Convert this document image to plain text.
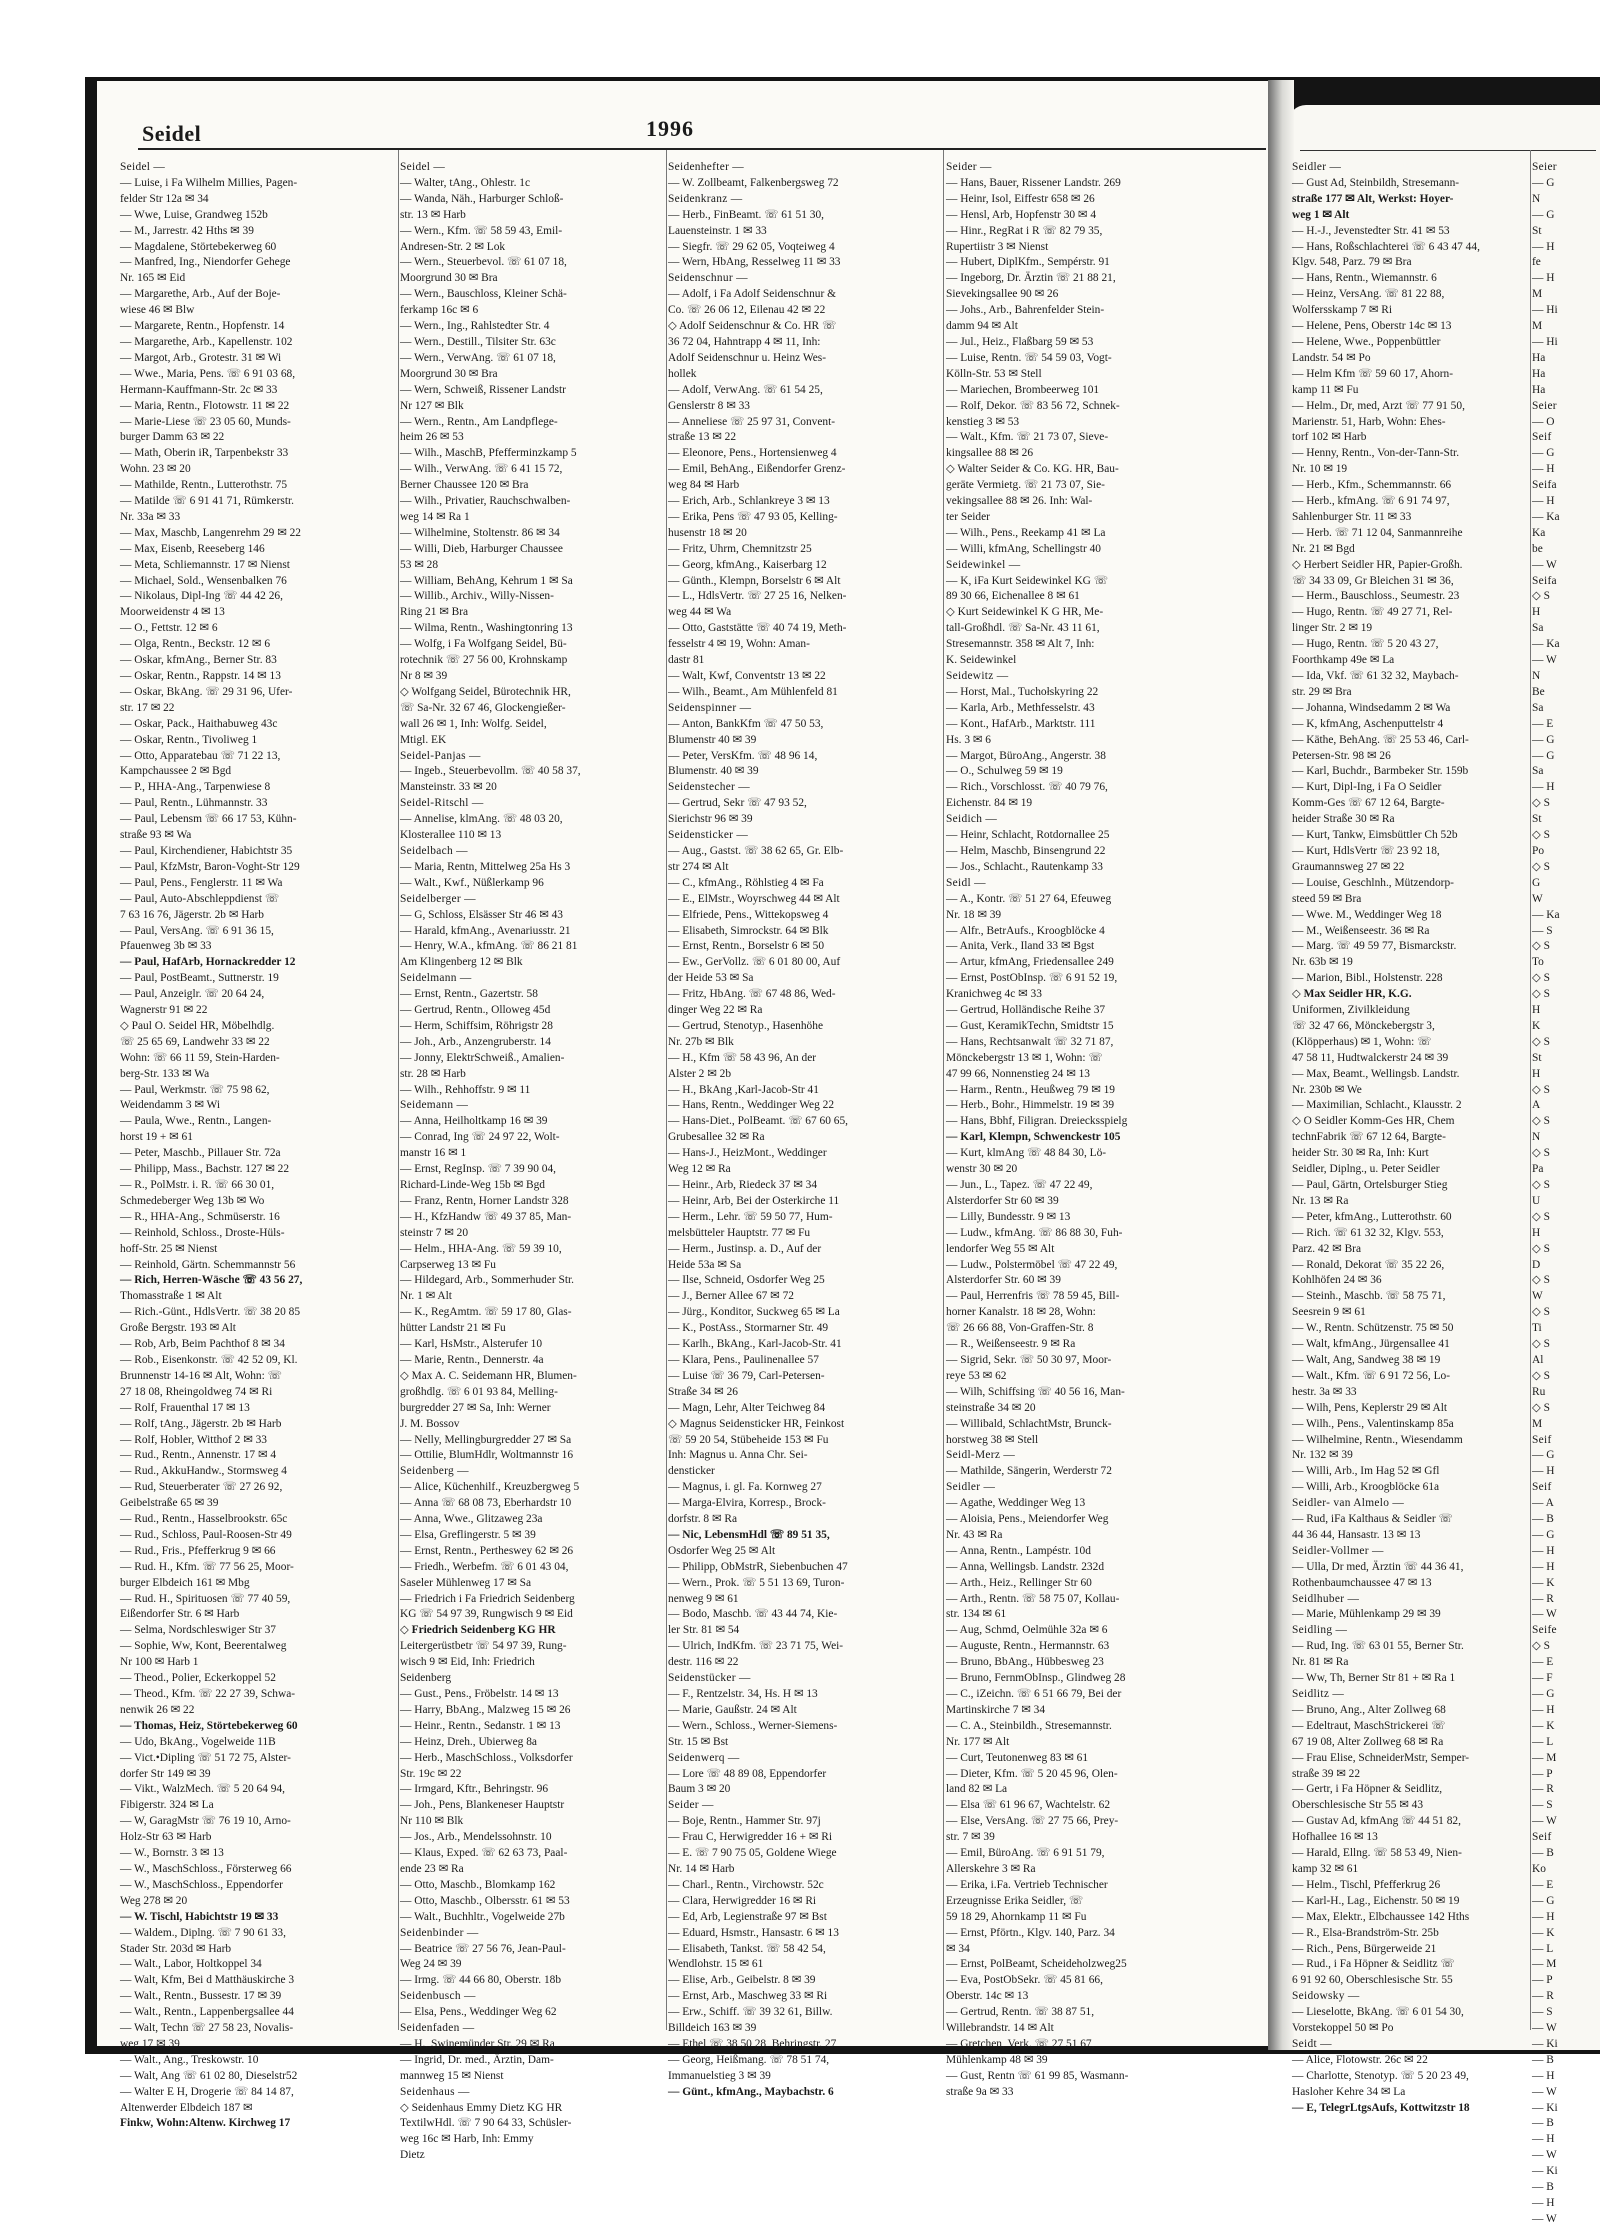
Seidel	1996

Seidel —

— Luise, i Fa Wilhelm Millies, Pagen-

felder Str 12a ✉ 34

— Wwe, Luise, Grandweg 152b

— M., Jarrestr. 42 Hths ✉ 39

— Magdalene, Störtebekerweg 60

— Manfred, Ing., Niendorfer Gehege

Nr. 165 ✉ Eid

— Margarethe, Arb., Auf der Boje-

wiese 46 ✉ Blw

— Margarete, Rentn., Hopfenstr. 14

— Margarethe, Arb., Kapellenstr. 102

— Margot, Arb., Grotestr. 31 ✉ Wi

— Wwe., Maria, Pens. ☏ 6 91 03 68,

Hermann-Kauffmann-Str. 2c ✉ 33

— Maria, Rentn., Flotowstr. 11 ✉ 22

— Marie-Liese ☏ 23 05 60, Munds-

burger Damm 63 ✉ 22

— Math, Oberin iR, Tarpenbekstr 33

Wohn. 23 ✉ 20

— Mathilde, Rentn., Lutterothstr. 75

— Matilde ☏ 6 91 41 71, Rümkerstr.

Nr. 33a ✉ 33

— Max, Maschb, Langenrehm 29 ✉ 22

— Max, Eisenb, Reeseberg 146

— Meta, Schliemannstr. 17 ✉ Nienst

— Michael, Sold., Wensenbalken 76

— Nikolaus, Dipl-Ing ☏ 44 42 26,

Moorweidenstr 4 ✉ 13

— O., Fettstr. 12 ✉ 6

— Olga, Rentn., Beckstr. 12 ✉ 6

— Oskar, kfmAng., Berner Str. 83

— Oskar, Rentn., Rappstr. 14 ✉ 13

— Oskar, BkAng. ☏ 29 31 96, Ufer-

str. 17 ✉ 22

— Oskar, Pack., Haithabuweg 43c

— Oskar, Rentn., Tivoliweg 1

— Otto, Apparatebau ☏ 71 22 13,

Kampchaussee 2 ✉ Bgd

— P., HHA-Ang., Tarpenwiese 8

— Paul, Rentn., Lühmannstr. 33

— Paul, Lebensm ☏ 66 17 53, Kühn-

straße 93 ✉ Wa

— Paul, Kirchendiener, Habichtstr 35

— Paul, KfzMstr, Baron-Voght-Str 129

— Paul, Pens., Fenglerstr. 11 ✉ Wa

— Paul, Auto-Abschleppdienst ☏

7 63 16 76, Jägerstr. 2b ✉ Harb

— Paul, VersAng. ☏ 6 91 36 15,

Pfauenweg 3b ✉ 33

— Paul, HafArb, Hornackredder 12

— Paul, PostBeamt., Suttnerstr. 19

— Paul, Anzeiglr. ☏ 20 64 24,

Wagnerstr 91 ✉ 22

◇ Paul O. Seidel HR, Möbelhdlg.

☏ 25 65 69, Landwehr 33 ✉ 22

Wohn: ☏ 66 11 59, Stein-Harden-

berg-Str. 133 ✉ Wa

— Paul, Werkmstr. ☏ 75 98 62,

Weidendamm 3 ✉ Wi

— Paula, Wwe., Rentn., Langen-

horst 19 + ✉ 61

— Peter, Maschb., Pillauer Str. 72a

— Philipp, Mass., Bachstr. 127 ✉ 22

— R., PolMstr. i. R. ☏ 66 30 01,

Schmedeberger Weg 13b ✉ Wo

— R., HHA-Ang., Schmüserstr. 16

— Reinhold, Schloss., Droste-Hüls-

hoff-Str. 25 ✉ Nienst

— Reinhold, Gärtn. Schemmannstr 56

— Rich, Herren-Wäsche ☏ 43 56 27,

Thomasstraße 1 ✉ Alt

— Rich.-Günt., HdlsVertr. ☏ 38 20 85

Große Bergstr. 193 ✉ Alt

— Rob, Arb, Beim Pachthof 8 ✉ 34

— Rob., Eisenkonstr. ☏ 42 52 09, Kl.

Brunnenstr 14-16 ✉ Alt, Wohn: ☏

27 18 08, Rheingoldweg 74 ✉ Ri

— Rolf, Frauenthal 17 ✉ 13

— Rolf, tAng., Jägerstr. 2b ✉ Harb

— Rolf, Hobler, Witthof 2 ✉ 33

— Rud., Rentn., Annenstr. 17 ✉ 4

— Rud., AkkuHandw., Stormsweg 4

— Rud, Steuerberater ☏ 27 26 92,

Geibelstraße 65 ✉ 39

— Rud., Rentn., Hasselbrookstr. 65c

— Rud., Schloss, Paul-Roosen-Str 49

— Rud., Fris., Pfefferkrug 9 ✉ 66

— Rud. H., Kfm. ☏ 77 56 25, Moor-

burger Elbdeich 161 ✉ Mbg

— Rud. H., Spirituosen ☏ 77 40 59,

Eißendorfer Str. 6 ✉ Harb

— Selma, Nordschleswiger Str 37

— Sophie, Ww, Kont, Beerentalweg

Nr 100 ✉ Harb 1

— Theod., Polier, Eckerkoppel 52

— Theod., Kfm. ☏ 22 27 39, Schwa-

nenwik 26 ✉ 22

— Thomas, Heiz, Störtebekerweg 60

— Udo, BkAng., Vogelweide 11B

— Vict.•Dipling ☏ 51 72 75, Alster-

dorfer Str 149 ✉ 39

— Vikt., WalzMech. ☏ 5 20 64 94,

Fibigerstr. 324 ✉ La

— W, GaragMstr ☏ 76 19 10, Arno-

Holz-Str 63 ✉ Harb

— W., Bornstr. 3 ✉ 13

— W., MaschSchloss., Försterweg 66

— W., MaschSchloss., Eppendorfer

Weg 278 ✉ 20

— W. Tischl, Habichtstr 19 ✉ 33

— Waldem., Diplng. ☏ 7 90 61 33,

Stader Str. 203d ✉ Harb

— Walt., Labor, Holtkoppel 34

— Walt, Kfm, Bei d Matthäuskirche 3

— Walt., Rentn., Bussestr. 17 ✉ 39

— Walt., Rentn., Lappenbergsallee 44

— Walt, Techn ☏ 27 58 23, Novalis-

weg 17 ✉ 39

— Walt., Ang., Treskowstr. 10

— Walt, Ang ☏ 61 02 80, Dieselstr52

— Walter E H, Drogerie ☏ 84 14 87,

Altenwerder Elbdeich 187 ✉

Finkw, Wohn:Altenw. Kirchweg 17

Seidel —

— Walter, tAng., Ohlestr. 1c

— Wanda, Näh., Harburger Schloß-

str. 13 ✉ Harb

— Wern., Kfm. ☏ 58 59 43, Emil-

Andresen-Str. 2 ✉ Lok

— Wern., Steuerbevol. ☏ 61 07 18,

Moorgrund 30 ✉ Bra

— Wern., Bauschloss, Kleiner Schä-

ferkamp 16c ✉ 6

— Wern., Ing., Rahlstedter Str. 4

— Wern., Destill., Tilsiter Str. 63c

— Wern., VerwAng. ☏ 61 07 18,

Moorgrund 30 ✉ Bra

— Wern, Schweiß, Rissener Landstr

Nr 127 ✉ Blk

— Wern., Rentn., Am Landpflege-

heim 26 ✉ 53

— Wilh., MaschB, Pfefferminzkamp 5

— Wilh., VerwAng. ☏ 6 41 15 72,

Berner Chaussee 120 ✉ Bra

— Wilh., Privatier, Rauchschwalben-

weg 14 ✉ Ra 1

— Wilhelmine, Stoltenstr. 86 ✉ 34

— Willi, Dieb, Harburger Chaussee

53 ✉ 28

— William, BehAng, Kehrum 1 ✉ Sa

— Willib., Archiv., Willy-Nissen-

Ring 21 ✉ Bra

— Wilma, Rentn., Washingtonring 13

— Wolfg, i Fa Wolfgang Seidel, Bü-

rotechnik ☏ 27 56 00, Krohnskamp

Nr 8 ✉ 39

◇ Wolfgang Seidel, Bürotechnik HR,

☏ Sa-Nr. 32 67 46, Glockengießer-

wall 26 ✉ 1, Inh: Wolfg. Seidel,

Mtigl. EK

Seidel-Panjas —

— Ingeb., Steuerbevollm. ☏ 40 58 37,

Mansteinstr. 33 ✉ 20

Seidel-Ritschl —

— Annelise, klmAng. ☏ 48 03 20,

Klosterallee 110 ✉ 13

Seidelbach —

— Maria, Rentn, Mittelweg 25a Hs 3

— Walt., Kwf., Nüßlerkamp 96

Seidelberger —

— G, Schloss, Elsässer Str 46 ✉ 43

— Harald, kfmAng., Avenariusstr. 21

— Henry, W.A., kfmAng. ☏ 86 21 81

Am Klingenberg 12 ✉ Blk

Seidelmann —

— Ernst, Rentn., Gazertstr. 58

— Gertrud, Rentn., Olloweg 45d

— Herm, Schiffsim, Röhrigstr 28

— Joh., Arb., Anzengruberstr. 14

— Jonny, ElektrSchweiß., Amalien-

str. 28 ✉ Harb

— Wilh., Rehhoffstr. 9 ✉ 11

Seidemann —

— Anna, Heilholtkamp 16 ✉ 39

— Conrad, Ing ☏ 24 97 22, Wolt-

manstr 16 ✉ 1

— Ernst, RegInsp. ☏ 7 39 90 04,

Richard-Linde-Weg 15b ✉ Bgd

— Franz, Rentn, Horner Landstr 328

— H., KfzHandw ☏ 49 37 85, Man-

steinstr 7 ✉ 20

— Helm., HHA-Ang. ☏ 59 39 10,

Carpserweg 13 ✉ Fu

— Hildegard, Arb., Sommerhuder Str.

Nr. 1 ✉ Alt

— K., RegAmtm. ☏ 59 17 80, Glas-

hütter Landstr 21 ✉ Fu

— Karl, HsMstr., Alsterufer 10

— Marie, Rentn., Dennerstr. 4a

◇ Max A. C. Seidemann HR, Blumen-

großhdlg. ☏ 6 01 93 84, Melling-

burgredder 27 ✉ Sa, Inh: Werner

J. M. Bossov

— Nelly, Mellingburgredder 27 ✉ Sa

— Ottilie, BlumHdlr, Woltmannstr 16

Seidenberg —

— Alice, Küchenhilf., Kreuzbergweg 5

— Anna ☏ 68 08 73, Eberhardstr 10

— Anna, Wwe., Glitzaweg 23a

— Elsa, Greflingerstr. 5 ✉ 39

— Ernst, Rentn., Pertheswey 62 ✉ 26

— Friedh., Werbefm. ☏ 6 01 43 04,

Saseler Mühlenweg 17 ✉ Sa

— Friedrich i Fa Friedrich Seidenberg

KG ☏ 54 97 39, Rungwisch 9 ✉ Eid

◇ Friedrich Seidenberg KG HR

Leitergerüstbetr ☏ 54 97 39, Rung-

wisch 9 ✉ Eid, Inh: Friedrich

Seidenberg

— Gust., Pens., Fröbelstr. 14 ✉ 13

— Harry, BbAng., Malzweg 15 ✉ 26

— Heinr., Rentn., Sedanstr. 1 ✉ 13

— Heinz, Dreh., Ubierweg 8a

— Herb., MaschSchloss., Volksdorfer

Str. 19c ✉ 22

— Irmgard, Kftr., Behringstr. 96

— Joh., Pens, Blankeneser Hauptstr

Nr 110 ✉ Blk

— Jos., Arb., Mendelssohnstr. 10

— Klaus, Exped. ☏ 62 63 73, Paal-

ende 23 ✉ Ra

— Otto, Maschb., Blomkamp 162

— Otto, Maschb., Olbersstr. 61 ✉ 53

— Walt., Buchhltr., Vogelweide 27b

Seidenbinder —

— Beatrice ☏ 27 56 76, Jean-Paul-

Weg 24 ✉ 39

— Irmg. ☏ 44 66 80, Oberstr. 18b

Seidenbusch —

— Elsa, Pens., Weddinger Weg 62

Seidenfaden —

— H., Swinemünder Str. 29 ✉ Ra

— Ingrid, Dr. med., Ärztin, Dam-

mannweg 15 ✉ Nienst

Seidenhaus —

◇ Seidenhaus Emmy Dietz KG HR

TextilwHdl. ☏ 7 90 64 33, Schüsler-

weg 16c ✉ Harb, Inh: Emmy

Dietz

Seidenhefter —

— W. Zollbeamt, Falkenbergsweg 72

Seidenkranz —

— Herb., FinBeamt. ☏ 61 51 30,

Lauensteinstr. 1 ✉ 33

— Siegfr. ☏ 29 62 05, Voqteiweg 4

— Wern, HbAng, Resselweg 11 ✉ 33

Seidenschnur —

— Adolf, i Fa Adolf Seidenschnur &

Co. ☏ 26 06 12, Eilenau 42 ✉ 22

◇ Adolf Seidenschnur & Co. HR ☏

36 72 04, Hahntrapp 4 ✉ 11, Inh:

Adolf Seidenschnur u. Heinz Wes-

hollek

— Adolf, VerwAng. ☏ 61 54 25,

Genslerstr 8 ✉ 33

— Anneliese ☏ 25 97 31, Convent-

straße 13 ✉ 22

— Eleonore, Pens., Hortensienweg 4

— Emil, BehAng., Eißendorfer Grenz-

weg 84 ✉ Harb

— Erich, Arb., Schlankreye 3 ✉ 13

— Erika, Pens ☏ 47 93 05, Kelling-

husenstr 18 ✉ 20

— Fritz, Uhrm, Chemnitzstr 25

— Georg, kfmAng., Kaiserbarg 12

— Günth., Klempn, Borselstr 6 ✉ Alt

— L., HdlsVertr. ☏ 27 25 16, Nelken-

weg 44 ✉ Wa

— Otto, Gaststätte ☏ 40 74 19, Meth-

fesselstr 4 ✉ 19, Wohn: Aman-

dastr 81

— Walt, Kwf, Conventstr 13 ✉ 22

— Wilh., Beamt., Am Mühlenfeld 81

Seidenspinner —

— Anton, BankKfm ☏ 47 50 53,

Blumenstr 40 ✉ 39

— Peter, VersKfm. ☏ 48 96 14,

Blumenstr. 40 ✉ 39

Seidenstecher —

— Gertrud, Sekr ☏ 47 93 52,

Sierichstr 96 ✉ 39

Seidensticker —

— Aug., Gastst. ☏ 38 62 65, Gr. Elb-

str 274 ✉ Alt

— C., kfmAng., Röhlstieg 4 ✉ Fa

— E., ElMstr., Woyrschweg 44 ✉ Alt

— Elfriede, Pens., Wittekopsweg 4

— Elisabeth, Simrockstr. 64 ✉ Blk

— Ernst, Rentn., Borselstr 6 ✉ 50

— Ew., GerVollz. ☏ 6 01 80 00, Auf

der Heide 53 ✉ Sa

— Fritz, HbAng. ☏ 67 48 86, Wed-

dinger Weg 22 ✉ Ra

— Gertrud, Stenotyp., Hasenhöhe

Nr. 27b ✉ Blk

— H., Kfm ☏ 58 43 96, An der

Alster 2 ✉ 2b

— H., BkAng ,Karl-Jacob-Str 41

— Hans, Rentn., Weddinger Weg 22

— Hans-Diet., PolBeamt. ☏ 67 60 65,

Grubesallee 32 ✉ Ra

— Hans-J., HeizMont., Weddinger

Weg 12 ✉ Ra

— Heinr., Arb, Riedeck 37 ✉ 34

— Heinr, Arb, Bei der Osterkirche 11

— Herm., Lehr. ☏ 59 50 77, Hum-

melsbütteler Hauptstr. 77 ✉ Fu

— Herm., Justinsp. a. D., Auf der

Heide 53a ✉ Sa

— Ilse, Schneid, Osdorfer Weg 25

— J., Berner Allee 67 ✉ 72

— Jürg., Konditor, Suckweg 65 ✉ La

— K., PostAss., Stormarner Str. 49

— Karlh., BkAng., Karl-Jacob-Str. 41

— Klara, Pens., Paulinenallee 57

— Luise ☏ 36 79, Carl-Petersen-

Straße 34 ✉ 26

— Magn, Lehr, Alter Teichweg 84

◇ Magnus Seidensticker HR, Feinkost

☏ 59 20 54, Stübeheide 153 ✉ Fu

Inh: Magnus u. Anna Chr. Sei-

densticker

— Magnus, i. gl. Fa. Kornweg 27

— Marga-Elvira, Korresp., Brock-

dorfstr. 8 ✉ Ra

— Nic, LebensmHdl ☏ 89 51 35,

Osdorfer Weg 25 ✉ Alt

— Philipp, ObMstrR, Siebenbuchen 47

— Wern., Prok. ☏ 5 51 13 69, Turon-

nenweg 9 ✉ 61

— Bodo, Maschb. ☏ 43 44 74, Kie-

ler Str. 81 ✉ 54

— Ulrich, IndKfm. ☏ 23 71 75, Wei-

destr. 116 ✉ 22

Seidenstücker —

— F., Rentzelstr. 34, Hs. H ✉ 13

— Marie, Gaußstr. 24 ✉ Alt

— Wern., Schloss., Werner-Siemens-

Str. 15 ✉ Bst

Seidenwerq —

— Lore ☏ 48 89 08, Eppendorfer

Baum 3 ✉ 20

Seider —

— Boje, Rentn., Hammer Str. 97j

— Frau C, Herwigredder 16 + ✉ Ri

— E. ☏ 7 90 75 05, Goldene Wiege

Nr. 14 ✉ Harb

— Charl., Rentn., Virchowstr. 52c

— Clara, Herwigredder 16 ✉ Ri

— Ed, Arb, Legienstraße 97 ✉ Bst

— Eduard, Hsmstr., Hansastr. 6 ✉ 13

— Elisabeth, Tankst. ☏ 58 42 54,

Wendlohstr. 15 ✉ 61

— Elise, Arb., Geibelstr. 8 ✉ 39

— Ernst, Arb., Maschweg 33 ✉ Ri

— Erw., Schiff. ☏ 39 32 61, Billw.

Billdeich 163 ✉ 39

— Ethel ☏ 38 50 28, Behringstr. 27

— Georg, Heißmang. ☏ 78 51 74,

Immanuelstieg 3 ✉ 39

— Günt., kfmAng., Maybachstr. 6

Seider —

— Hans, Bauer, Rissener Landstr. 269

— Heinr, Isol, Eiffestr 658 ✉ 26

— Hensl, Arb, Hopfenstr 30 ✉ 4

— Hinr., RegRat i R ☏ 82 79 35,

Rupertiistr 3 ✉ Nienst

— Hubert, DiplKfm., Sempérstr. 91

— Ingeborg, Dr. Ärztin ☏ 21 88 21,

Sievekingsallee 90 ✉ 26

— Johs., Arb., Bahrenfelder Stein-

damm 94 ✉ Alt

— Jul., Heiz., Flaßbarg 59 ✉ 53

— Luise, Rentn. ☏ 54 59 03, Vogt-

Kölln-Str. 53 ✉ Stell

— Mariechen, Brombeerweg 101

— Rolf, Dekor. ☏ 83 56 72, Schnek-

kenstieg 3 ✉ 53

— Walt., Kfm. ☏ 21 73 07, Sieve-

kingsallee 88 ✉ 26

◇ Walter Seider & Co. KG. HR, Bau-

geräte Vermietg. ☏ 21 73 07, Sie-

vekingsallee 88 ✉ 26. Inh: Wal-

ter Seider

— Wilh., Pens., Reekamp 41 ✉ La

— Willi, kfmAng, Schellingstr 40

Seidewinkel —

— K, iFa Kurt Seidewinkel KG ☏

89 30 66, Eichenallee 8 ✉ 61

◇ Kurt Seidewinkel K G HR, Me-

tall-Großhdl. ☏ Sa-Nr. 43 11 61,

Stresemannstr. 358 ✉ Alt 7, Inh:

K. Seidewinkel

Seidewitz —

— Horst, Mal., Tuchołskyring 22

— Karla, Arb., Methfesselstr. 43

— Kont., HafArb., Marktstr. 111

Hs. 3 ✉ 6

— Margot, BüroAng., Angerstr. 38

— O., Schulweg 59 ✉ 19

— Rich., Vorschlosst. ☏ 40 79 76,

Eichenstr. 84 ✉ 19

Seidich —

— Heinr, Schlacht, Rotdornallee 25

— Helm, Maschb, Binsengrund 22

— Jos., Schlacht., Rautenkamp 33

Seidl —

— A., Kontr. ☏ 51 27 64, Efeuweg

Nr. 18 ✉ 39

— Alfr., BetrAufs., Kroogblöcke 4

— Anita, Verk., Iland 33 ✉ Bgst

— Artur, kfmAng, Friedensallee 249

— Ernst, PostObInsp. ☏ 6 91 52 19,

Kranichweg 4c ✉ 33

— Gertrud, Holländische Reihe 37

— Gust, KeramikTechn, Smidtstr 15

— Hans, Rechtsanwalt ☏ 32 71 87,

Mönckebergstr 13 ✉ 1, Wohn: ☏

47 99 66, Nonnenstieg 24 ✉ 13

— Harm., Rentn., Heußweg 79 ✉ 19

— Herb., Bohr., Himmelstr. 19 ✉ 39

— Hans, Bbhf, Filigran. Dreiecksspielg

— Karl, Klempn, Schwenckestr 105

— Kurt, klmAng ☏ 48 84 30, Lö-

wenstr 30 ✉ 20

— Jun., L., Tapez. ☏ 47 22 49,

Alsterdorfer Str 60 ✉ 39

— Lilly, Bundesstr. 9 ✉ 13

— Ludw., kfmAng. ☏ 86 88 30, Fuh-

lendorfer Weg 55 ✉ Alt

— Ludw., Polstermöbel ☏ 47 22 49,

Alsterdorfer Str. 60 ✉ 39

— Paul, Herrenfris ☏ 78 59 45, Bill-

horner Kanalstr. 18 ✉ 28, Wohn:

☏ 26 66 88, Von-Graffen-Str. 8

— R., Weißenseestr. 9 ✉ Ra

— Sigrid, Sekr. ☏ 50 30 97, Moor-

reye 53 ✉ 62

— Wilh, Schiffsing ☏ 40 56 16, Man-

steinstraße 34 ✉ 20

— Willibald, SchlachtMstr, Brunck-

horstweg 38 ✉ Stell

Seidl-Merz —

— Mathilde, Sängerin, Werderstr 72

Seidler —

— Agathe, Weddinger Weg 13

— Aloisia, Pens., Meiendorfer Weg

Nr. 43 ✉ Ra

— Anna, Rentn., Lampéstr. 10d

— Anna, Wellingsb. Landstr. 232d

— Arth., Heiz., Rellinger Str 60

— Arth., Rentn. ☏ 58 75 07, Kollau-

str. 134 ✉ 61

— Aug, Schmd, Oelmühle 32a ✉ 6

— Auguste, Rentn., Hermannstr. 63

— Bruno, BbAng., Hübbesweg 23

— Bruno, FernmObInsp., Glindweg 28

— C., iZeichn. ☏ 6 51 66 79, Bei der

Martinskirche 7 ✉ 34

— C. A., Steinbildh., Stresemannstr.

Nr. 177 ✉ Alt

— Curt, Teutonenweg 83 ✉ 61

— Dieter, Kfm. ☏ 5 20 45 96, Olen-

land 82 ✉ La

— Elsa ☏ 61 96 67, Wachtelstr. 62

— Else, VersAng. ☏ 27 75 66, Prey-

str. 7 ✉ 39

— Emil, BüroAng. ☏ 6 91 51 79,

Allerskehre 3 ✉ Ra

— Erika, i.Fa. Vertrieb Technischer

Erzeugnisse Erika Seidler, ☏

59 18 29, Ahornkamp 11 ✉ Fu

— Ernst, Pförtn., Klgv. 140, Parz. 34

✉ 34

— Ernst, PolBeamt, Scheideholzweg25

— Eva, PostObSekr. ☏ 45 81 66,

Oberstr. 14c ✉ 13

— Gertrud, Rentn. ☏ 38 87 51,

Willebrandstr. 14 ✉ Alt

— Gretchen, Verk. ☏ 27 51 67,

Mühlenkamp 48 ✉ 39

— Gust, Rentn ☏ 61 99 85, Wasmann-

straße 9a ✉ 33

Seidler —

— Gust Ad, Steinbildh, Stresemann-

straße 177 ✉ Alt, Werkst: Hoyer-

weg 1 ✉ Alt

— H.-J., Jevenstedter Str. 41 ✉ 53

— Hans, Roßschlachterei ☏ 6 43 47 44,

Klgv. 548, Parz. 79 ✉ Bra

— Hans, Rentn., Wiemannstr. 6

— Heinz, VersAng. ☏ 81 22 88,

Wolfersskamp 7 ✉ Ri

— Helene, Pens, Oberstr 14c ✉ 13

— Helene, Wwe., Poppenbüttler

Landstr. 54 ✉ Po

— Helm Kfm ☏ 59 60 17, Ahorn-

kamp 11 ✉ Fu

— Helm., Dr, med, Arzt ☏ 77 91 50,

Marienstr. 51, Harb, Wohn: Ehes-

torf 102 ✉ Harb

— Henny, Rentn., Von-der-Tann-Str.

Nr. 10 ✉ 19

— Herb., Kfm., Schemmannstr. 66

— Herb., kfmAng. ☏ 6 91 74 97,

Sahlenburger Str. 11 ✉ 33

— Herb. ☏ 71 12 04, Sanmannreihe

Nr. 21 ✉ Bgd

◇ Herbert Seidler HR, Papier-Großh.

☏ 34 33 09, Gr Bleichen 31 ✉ 36,

— Herm., Bauschloss., Seumestr. 23

— Hugo, Rentn. ☏ 49 27 71, Rel-

linger Str. 2 ✉ 19

— Hugo, Rentn. ☏ 5 20 43 27,

Foorthkamp 49e ✉ La

— Ida, Vkf. ☏ 61 32 32, Maybach-

str. 29 ✉ Bra

— Johanna, Windsedamm 2 ✉ Wa

— K, kfmAng, Aschenputtelstr 4

— Käthe, BehAng. ☏ 25 53 46, Carl-

Petersen-Str. 98 ✉ 26

— Karl, Buchdr., Barmbeker Str. 159b

— Kurt, Dipl-Ing, i Fa O Seidler

Komm-Ges ☏ 67 12 64, Bargte-

heider Straße 30 ✉ Ra

— Kurt, Tankw, Eimsbüttler Ch 52b

— Kurt, HdlsVertr ☏ 23 92 18,

Graumannsweg 27 ✉ 22

— Louise, Geschlnh., Mützendorp-

steed 59 ✉ Bra

— Wwe. M., Weddinger Weg 18

— M., Weißenseestr. 36 ✉ Ra

— Marg. ☏ 49 59 77, Bismarckstr.

Nr. 63b ✉ 19

— Marion, Bibl., Holstenstr. 228

◇ Max Seidler HR, K.G.

Uniformen, Zivilkleidung

☏ 32 47 66, Mönckebergstr 3,

(Klöpperhaus) ✉ 1, Wohn: ☏

47 58 11, Hudtwalckerstr 24 ✉ 39

— Max, Beamt., Wellingsb. Landstr.

Nr. 230b ✉ We

— Maximilian, Schlacht., Klausstr. 2

◇ O Seidler Komm-Ges HR, Chem

technFabrik ☏ 67 12 64, Bargte-

heider Str. 30 ✉ Ra, Inh: Kurt

Seidler, Diplng., u. Peter Seidler

— Paul, Gärtn, Ortelsburger Stieg

Nr. 13 ✉ Ra

— Peter, kfmAng., Lutterothstr. 60

— Rich. ☏ 61 32 32, Klgv. 553,

Parz. 42 ✉ Bra

— Ronald, Dekorat ☏ 35 22 26,

Kohlhöfen 24 ✉ 36

— Steinh., Maschb. ☏ 58 75 71,

Seesrein 9 ✉ 61

— W., Rentn. Schützenstr. 75 ✉ 50

— Walt, kfmAng., Jürgensallee 41

— Walt, Ang, Sandweg 38 ✉ 19

— Walt., Kfm. ☏ 6 91 72 56, Lo-

hestr. 3a ✉ 33

— Wilh, Pens, Keplerstr 29 ✉ Alt

— Wilh., Pens., Valentinskamp 85a

— Wilhelmine, Rentn., Wiesendamm

Nr. 132 ✉ 39

— Willi, Arb., Im Hag 52 ✉ Gfl

— Willi, Arb., Kroogblöcke 61a

Seidler- van Almelo —

— Rud, iFa Kalthaus & Seidler ☏

44 36 44, Hansastr. 13 ✉ 13

Seidler-Vollmer —

— Ulla, Dr med, Ärztin ☏ 44 36 41,

Rothenbaumchaussee 47 ✉ 13

Seidlhuber —

— Marie, Mühlenkamp 29 ✉ 39

Seidling —

— Rud, Ing. ☏ 63 01 55, Berner Str.

Nr. 81 ✉ Ra

— Ww, Th, Berner Str 81 + ✉ Ra 1

Seidlitz —

— Bruno, Ang., Alter Zollweg 68

— Edeltraut, MaschStrickerei ☏

67 19 08, Alter Zollweg 68 ✉ Ra

— Frau Elise, SchneiderMstr, Semper-

straße 39 ✉ 22

— Gertr, i Fa Höpner & Seidlitz,

Oberschlesische Str 55 ✉ 43

— Gustav Ad, kfmAng ☏ 44 51 82,

Hofhallee 16 ✉ 13

— Harald, Ellng. ☏ 58 53 49, Nien-

kamp 32 ✉ 61

— Helm., Tischl, Pfefferkrug 26

— Karl-H., Lag., Eichenstr. 50 ✉ 19

— Max, Elektr., Elbchaussee 142 Hths

— R., Elsa-Brandström-Str. 25b

— Rich., Pens, Bürgerweide 21

— Rud., i Fa Höpner & Seidlitz ☏

6 91 92 60, Oberschlesische Str. 55

Seidowsky —

— Lieselotte, BkAng. ☏ 6 01 54 30,

Vorstekoppel 50 ✉ Po

Seidt —

— Alice, Flotowstr. 26c ✉ 22

— Charlotte, Stenotyp. ☏ 5 20 23 49,

Hasloher Kehre 34 ✉ La

— E, TelegrLtgsAufs, Kottwitzstr 18

Seier

— G

N

— G

St

— H

fe

— H

M

— Hi

M

— Hi

Ha

Ha

Ha

Seier

— O

Seif

— G

— H

Seifa

— H

— Ka

Ka

be

— W

Seifa

◇ S

H

Sa

— Ka

— W

N

Be

Sa

— E

— G

— G

Sa

— H

◇ S

St

◇ S

Po

◇ S

G

W

— Ka

— S

◇ S

To

◇ S

◇ S

H

K

◇ S

St

H

◇ S

A

◇ S

N

◇ S

Pa

◇ S

U

◇ S

H

◇ S

D

◇ S

W

◇ S

Ti

◇ S

Al

◇ S

Ru

◇ S

M

Seif

— G

— H

Seif

— A

— B

— G

— H

— H

— K

— R

— W

Seife

◇ S

— E

— F

— G

— H

— K

— L

— M

— P

— R

— S

— W

Seif

— B

Ko

— E

— G

— H

— K

— L

— M

— P

— R

— S

— W

— Ki

— B

— H

— W

— Ki

— B

— H

— W

— Ki

— B

— H

— W
